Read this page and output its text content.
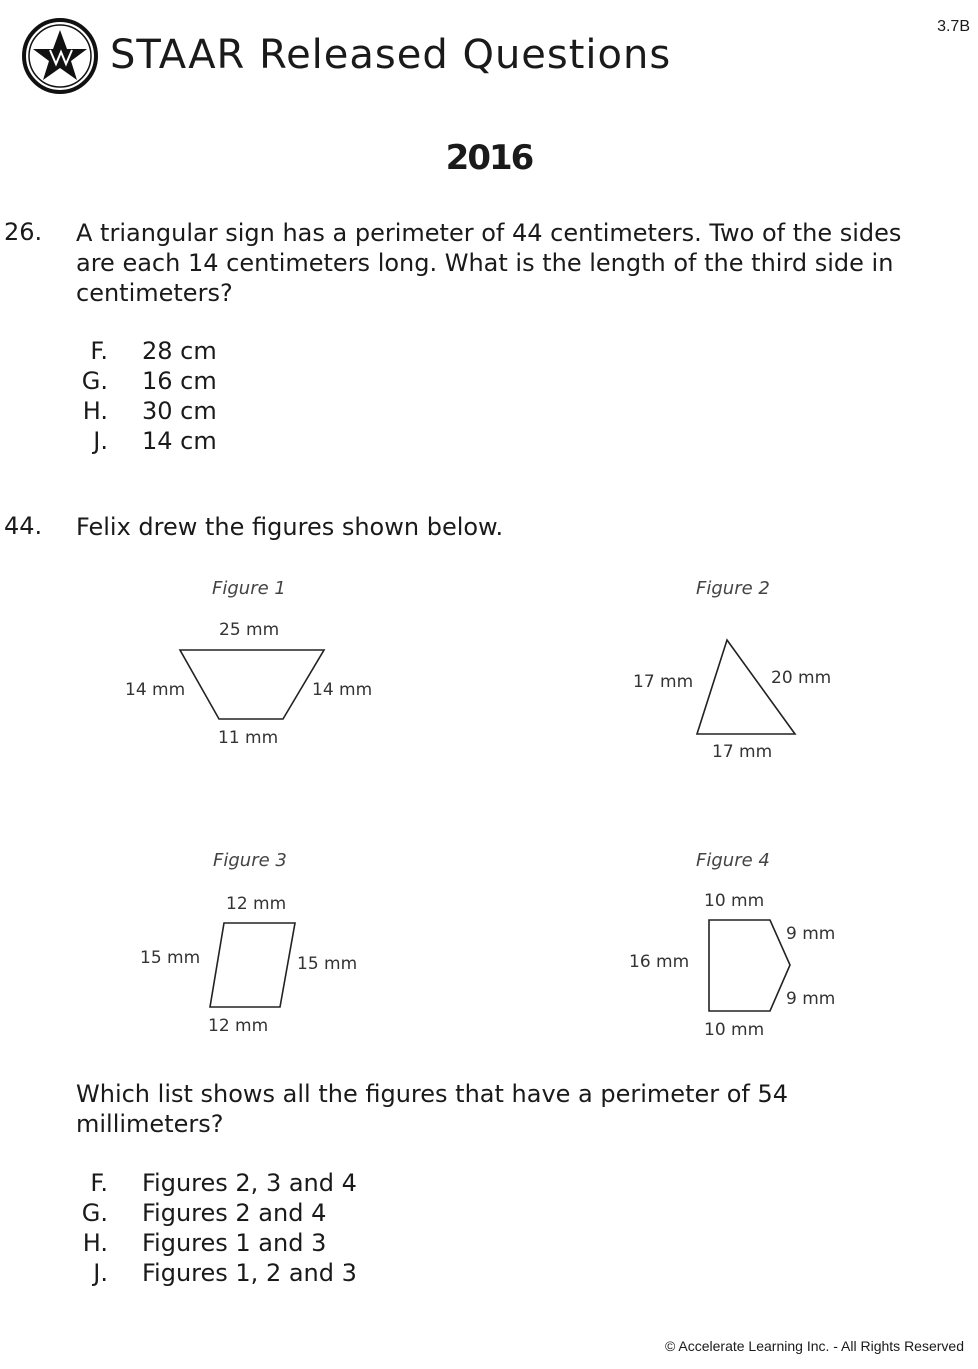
3.7B
STAAR Released Questions
2016
26. A triangular sign has a perimeter of 44 centimeters. Two of the sides
are each 14 centimeters long. What is the length of the third side in
centimeters?
F. 28 cm
G. 16 cm
H. 30 cm
J. 14 cm
44. Felix drew the figures shown below.
Figure 1
25 mm
14 mm	14 mm
11 mm
Figure 2
17 mm	20 mm
17 mm
Figure 3
12 mm
15 mm	15 mm
12 mm
Figure 4
10 mm
16 mm
9 mm
9 mm
10 mm
Which list shows all the figures that have a perimeter of 54
millimeters?
F. Figures 2, 3 and 4
G. Figures 2 and 4
H. Figures 1 and 3
J. Figures 1, 2 and 3
© Accelerate Learning Inc. - All Rights Reserved
